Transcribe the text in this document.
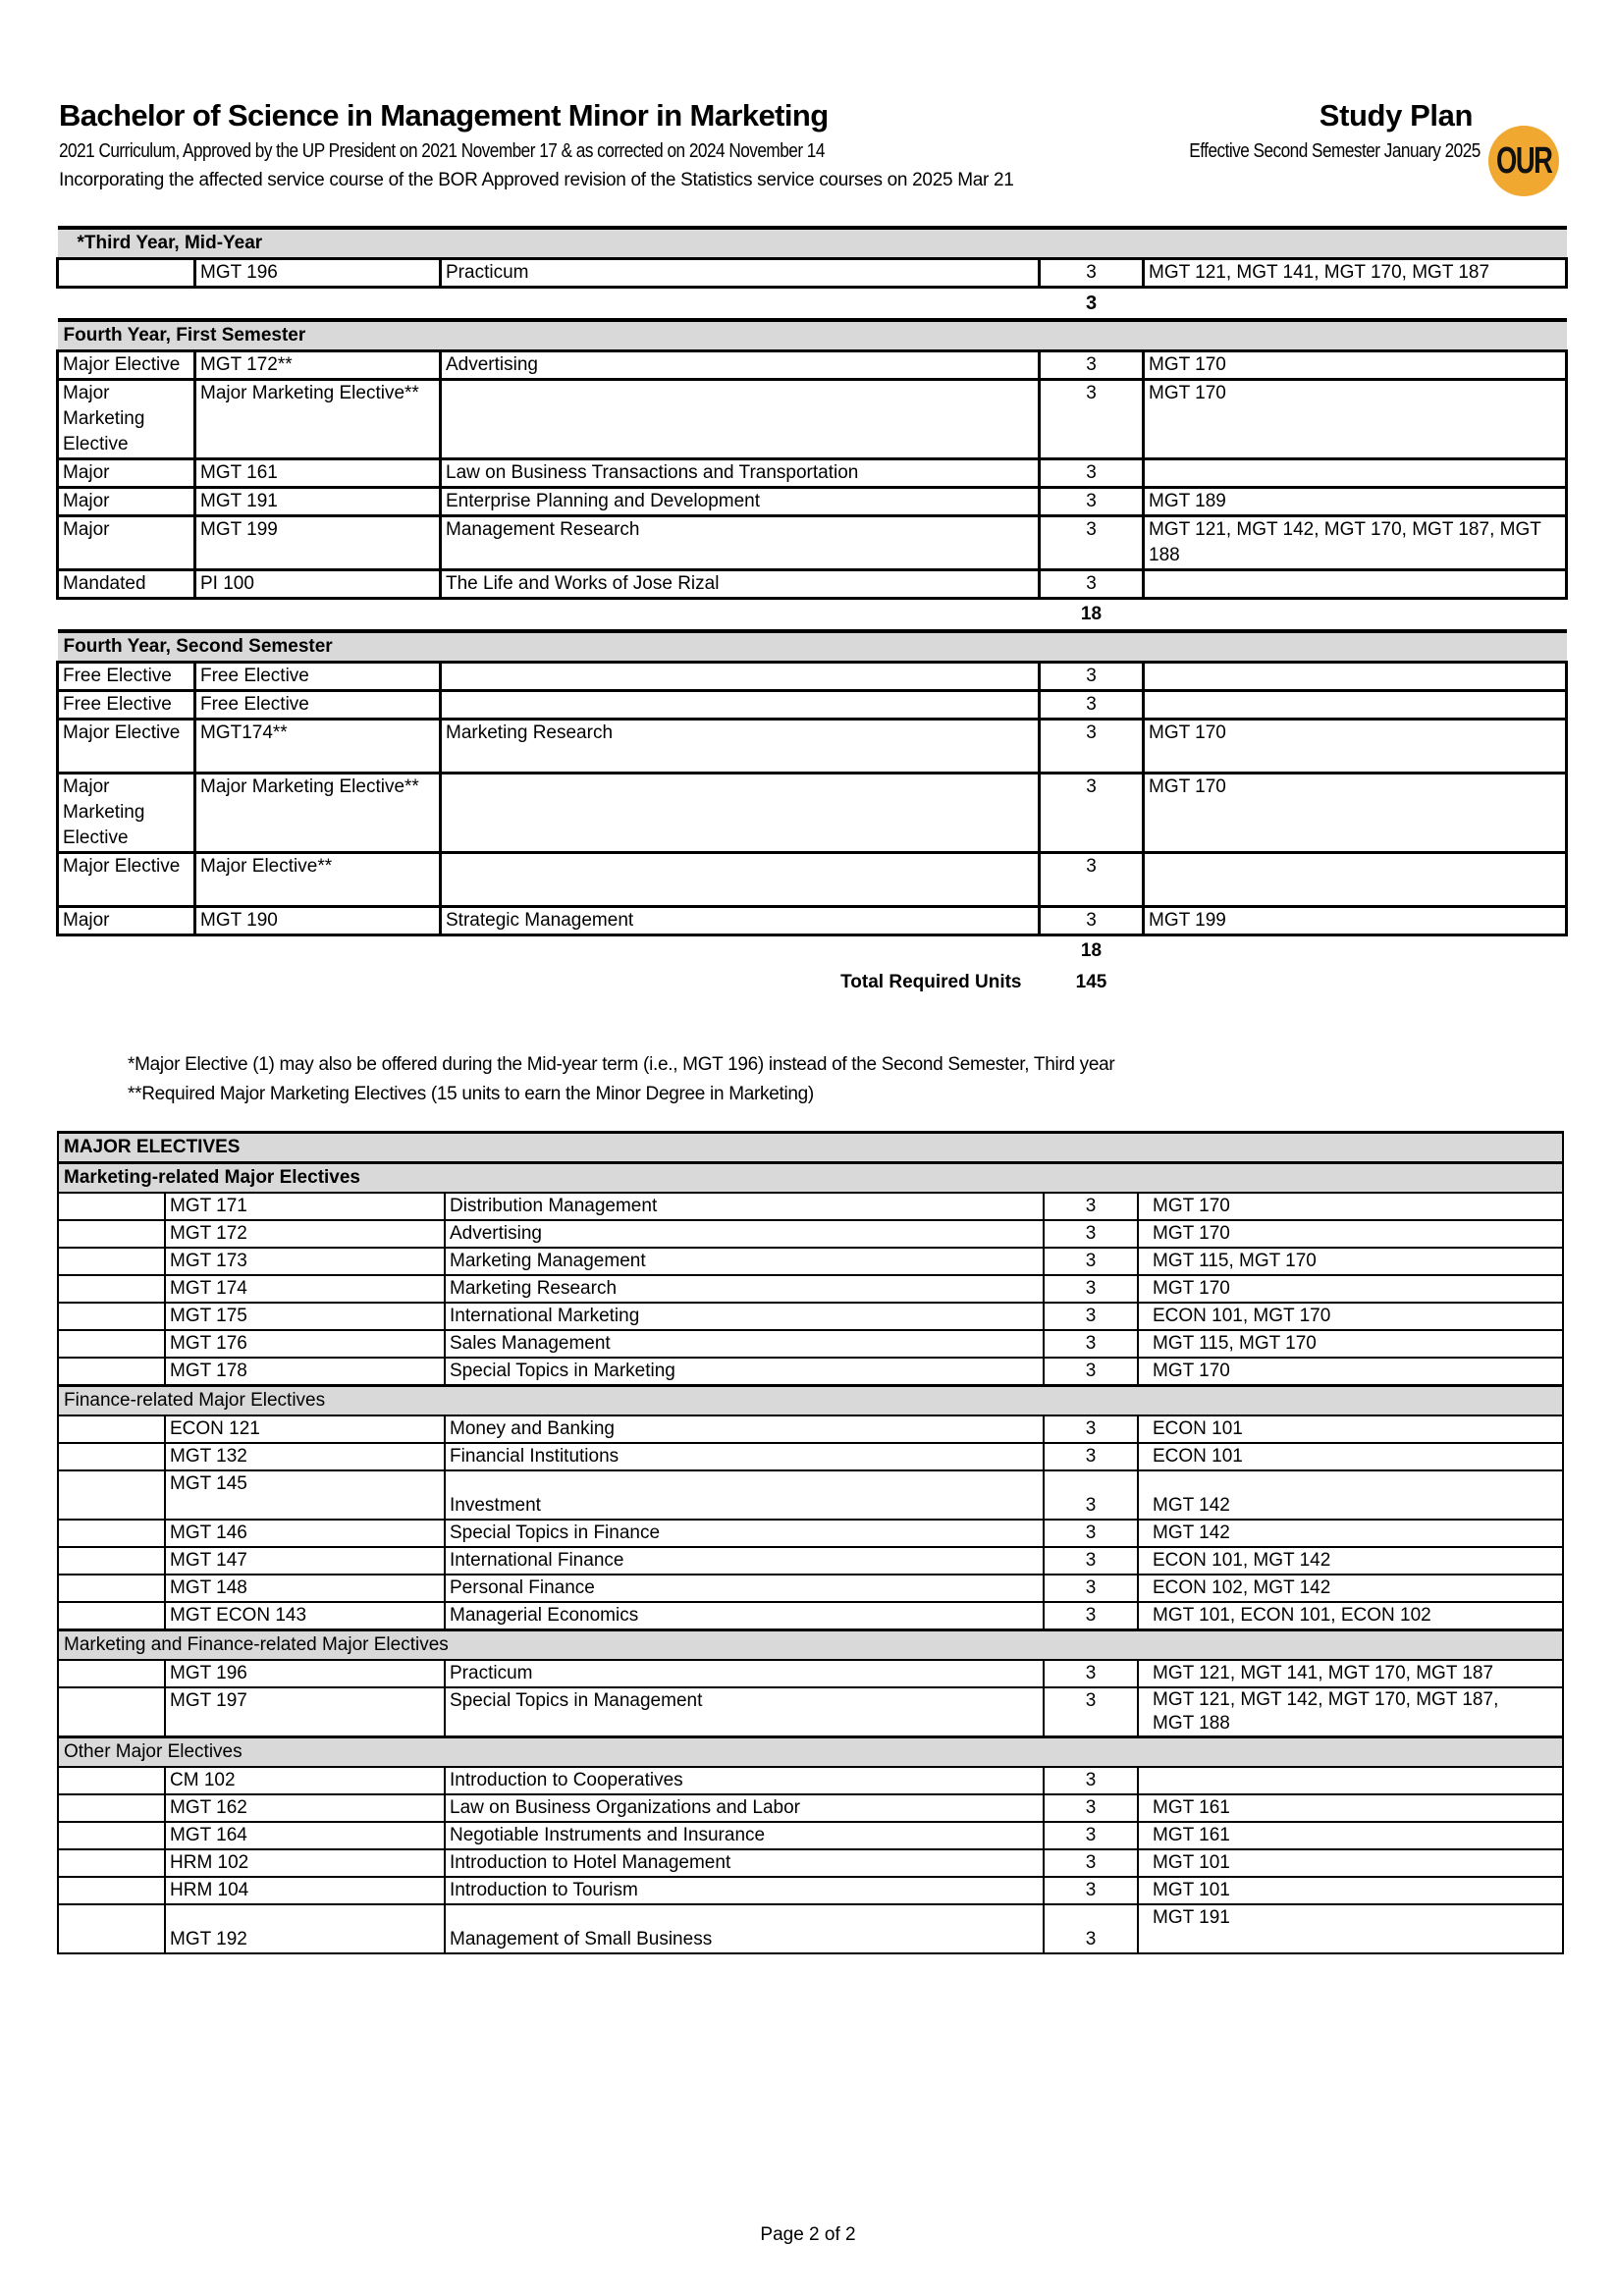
Bachelor of Science in Management Minor in Marketing
2021 Curriculum, Approved by the UP President on 2021 November 17 & as corrected on 2024 November 14
Incorporating the affected service course of the BOR Approved revision of the Statistics service courses on 2025 Mar 21
Study Plan
Effective Second Semester January 2025 OUR
*Third Year, Mid-Year				
	MGT 196	Practicum	3	MGT 121, MGT 141, MGT 170, MGT 187
			3	
Fourth Year, First Semester				
Major Elective	MGT 172**	Advertising	3	MGT 170
Major Marketing Elective	Major Marketing Elective**		3	MGT 170
Major	MGT 161	Law on Business Transactions and Transportation	3	
Major	MGT 191	Enterprise Planning and Development	3	MGT 189
Major	MGT 199	Management Research	3	MGT 121, MGT 142, MGT 170, MGT 187, MGT 188
Mandated	PI 100	The Life and Works of Jose Rizal	3	
			18	
Fourth Year, Second Semester				
Free Elective	Free Elective		3	
Free Elective	Free Elective		3	
Major Elective	MGT174**	Marketing Research	3	MGT 170
Major Marketing Elective	Major Marketing Elective**		3	MGT 170
Major Elective	Major Elective**		3	
Major	MGT 190	Strategic Management	3	MGT 199
			18	
		Total Required Units	145	
*Major Elective (1) may also be offered during the Mid-year term (i.e., MGT 196) instead of the Second Semester, Third year
**Required Major Marketing Electives (15 units to earn the Minor Degree in Marketing)
MAJOR ELECTIVES				
Marketing-related Major Electives				
	MGT 171	Distribution Management	3	MGT 170
	MGT 172	Advertising	3	MGT 170
	MGT 173	Marketing Management	3	MGT 115, MGT 170
	MGT 174	Marketing Research	3	MGT 170
	MGT 175	International Marketing	3	ECON 101, MGT 170
	MGT 176	Sales Management	3	MGT 115, MGT 170
	MGT 178	Special Topics in Marketing	3	MGT 170
Finance-related Major Electives				
	ECON 121	Money and Banking	3	ECON 101
	MGT 132	Financial Institutions	3	ECON 101
	MGT 145	Investment	3	MGT 142
	MGT 146	Special Topics in Finance	3	MGT 142
	MGT 147	International Finance	3	ECON 101, MGT 142
	MGT 148	Personal Finance	3	ECON 102, MGT 142
	MGT ECON 143	Managerial Economics	3	MGT 101, ECON 101, ECON 102
Marketing and Finance-related Major Electives				
	MGT 196	Practicum	3	MGT 121, MGT 141, MGT 170, MGT 187
	MGT 197	Special Topics in Management	3	MGT 121, MGT 142, MGT 170, MGT 187, MGT 188
Other Major Electives				
	CM 102	Introduction to Cooperatives	3	
	MGT 162	Law on Business Organizations and Labor	3	MGT 161
	MGT 164	Negotiable Instruments and Insurance	3	MGT 161
	HRM 102	Introduction to Hotel Management	3	MGT 101
	HRM 104	Introduction to Tourism	3	MGT 101
	MGT 192	Management of Small Business	3	MGT 191
Page 2 of 2
